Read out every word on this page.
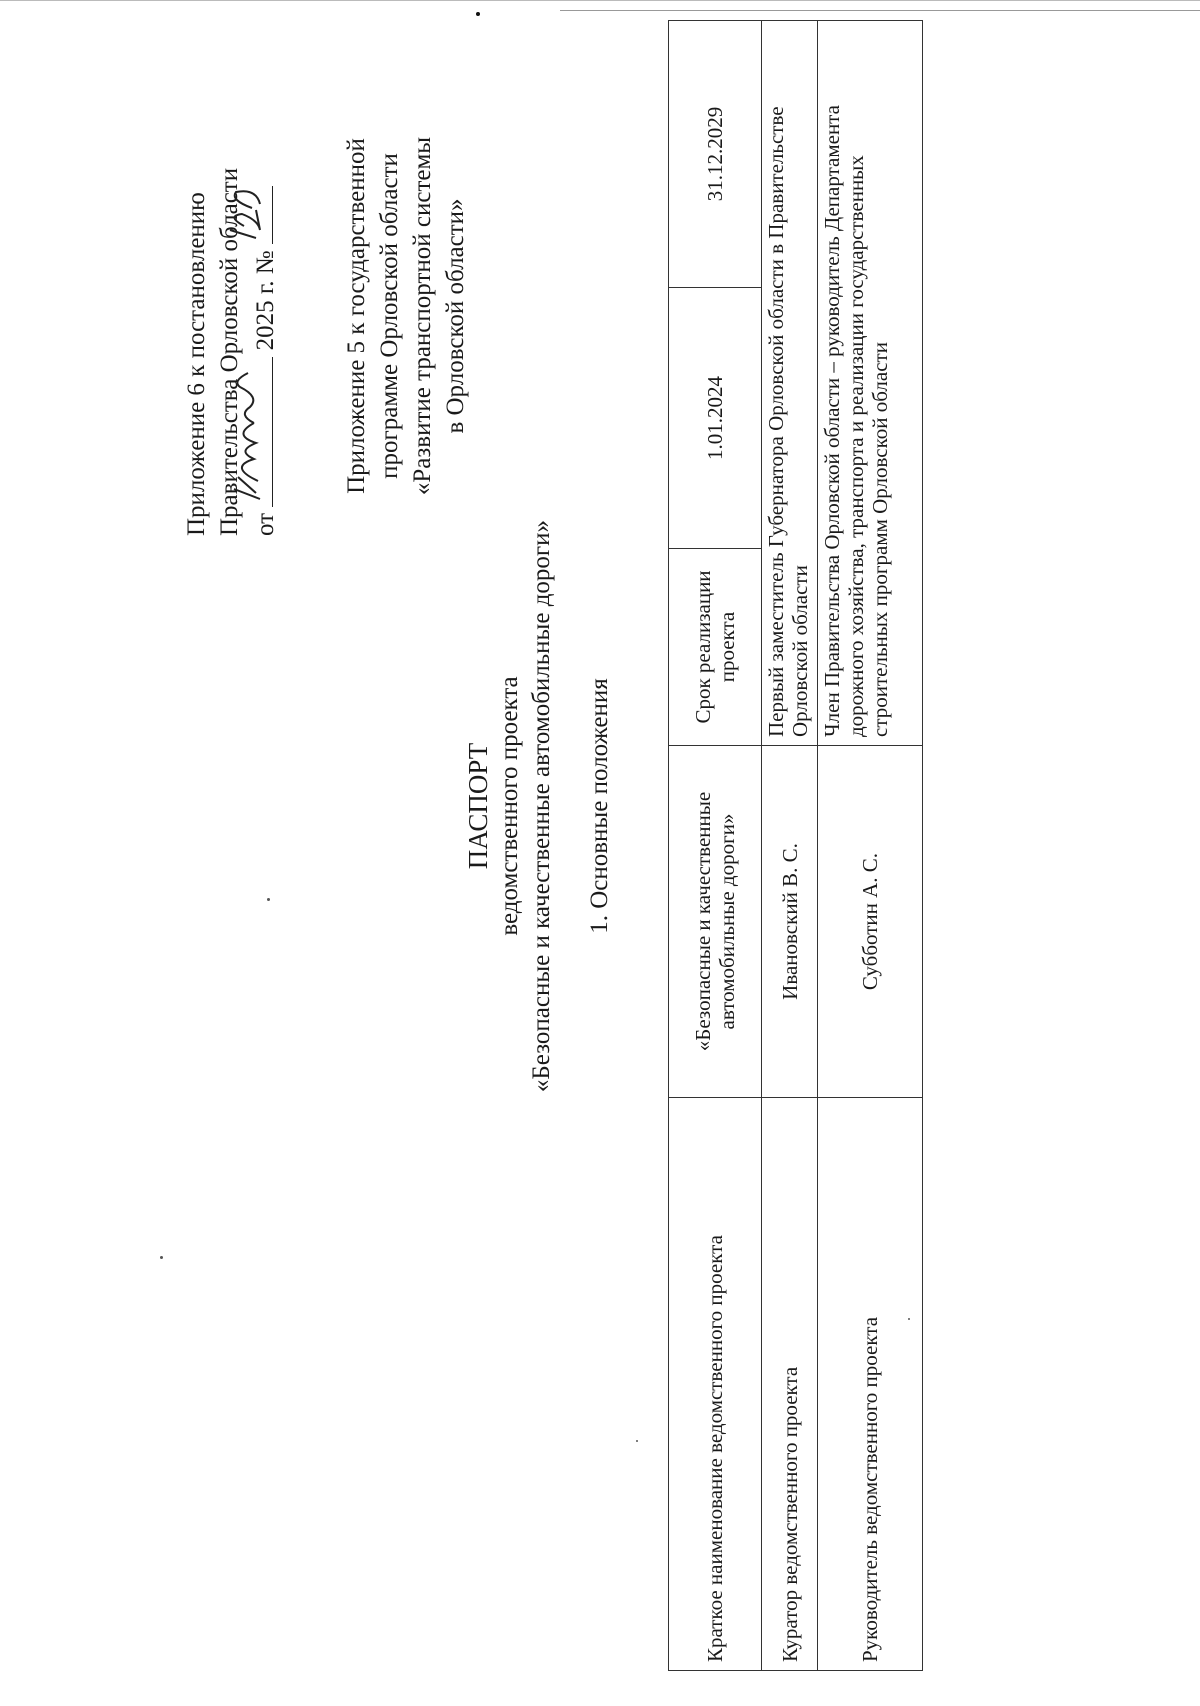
Приложение 6 к постановлению Правительства Орловской области от
2025 г. №	Приложение 5 к государственной программе Орловской области «Развитие транспортной системы в Орловской области»
ПАСПОРТ ведомственного проекта «Безопасные и качественные автомобильные дороги» 1. Основные положения
Краткое наименование ведомственного проекта	«Безопасные и качественные автомобильные дороги»	Срок реализации проекта	1.01.2024	31.12.2029
Куратор ведомственного проекта	Ивановский В. С.	Первый заместитель Губернатора Орловской области в Правительстве Орловской области		
Руководитель ведомственного проекта	Субботин А. С.	Член Правительства Орловской области – руководитель Департамента дорожного хозяйства, транспорта и реализации государственных строительных программ Орловской области		
